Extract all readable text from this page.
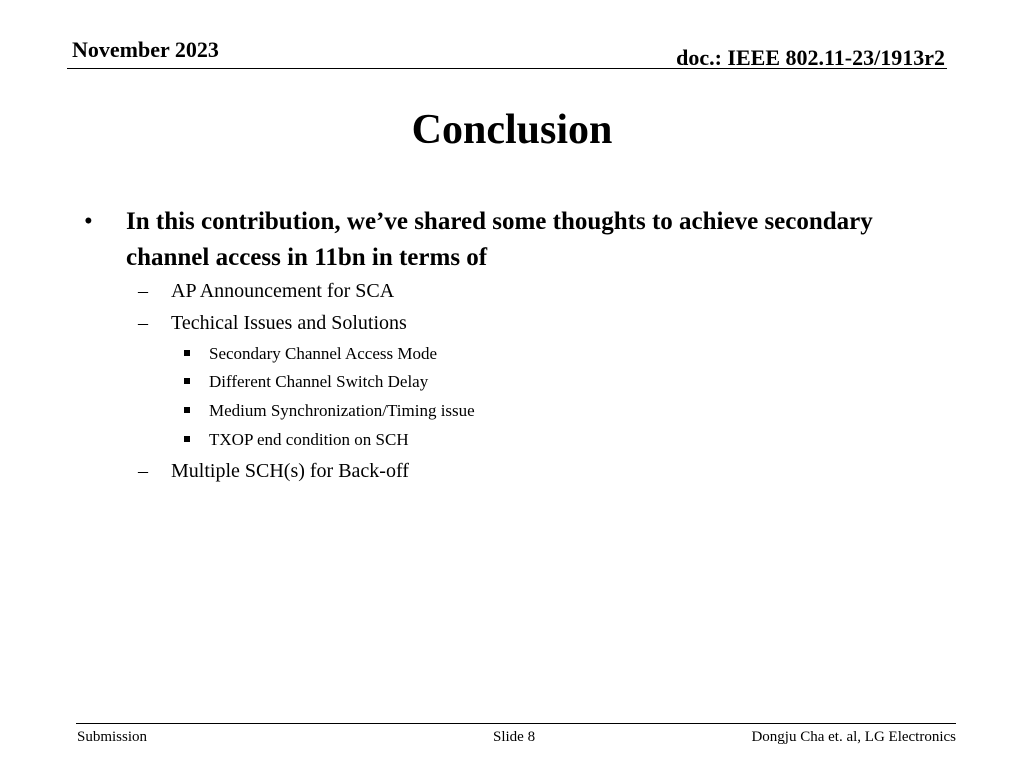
November 2023	doc.: IEEE 802.11-23/1913r2
Conclusion
• In this contribution, we’ve shared some thoughts to achieve secondary channel access in 11bn in terms of
– AP Announcement for SCA
– Techical Issues and Solutions
Secondary Channel Access Mode
Different Channel Switch Delay
Medium Synchronization/Timing issue
TXOP end condition on SCH
– Multiple SCH(s) for Back-off
Submission	Slide 8	Dongju Cha et. al, LG Electronics
